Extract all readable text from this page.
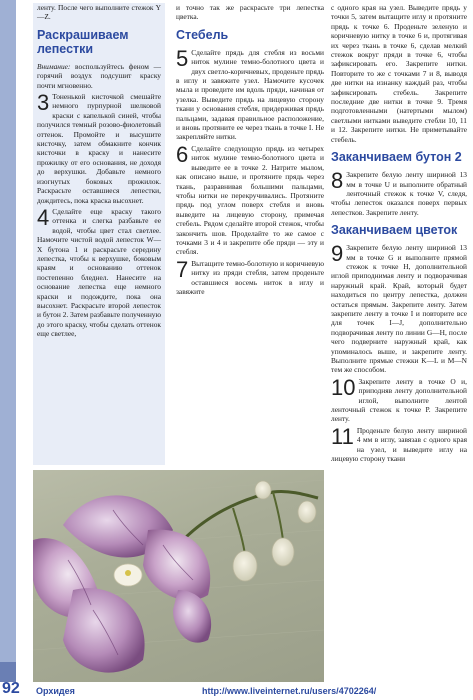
ленту. После чего выполните стежок Y—Z.

Раскрашиваем лепестки

Внимание: воспользуйтесь феном — горячий воздух подсушит краску почти мгновенно.

3 Тоненькой кисточкой смешайте немного пурпурной шелковой краски с капелькой синей, чтобы получился темный розово-фиолетовый оттенок. Промойте и высушите кисточку, затем обмакните кончик кисточки в краску и нанесите прожилку от его основания, не доходя до верхушки. Добавьте немного изогнутых боковых прожилок. Раскрасьте оставшиеся лепестки, дождитесь, пока краска высохнет.

4 Сделайте еще краску такого оттенка и слегка разбавьте ее водой, чтобы цвет стал светлее. Намочите чистой водой лепесток W—X бутона 1 и раскрасьте середину лепестка, чтобы к верхушке, боковым краям и основанию оттенок постепенно бледнел. Нанесите на основание лепестка еще немного краски и подождите, пока она высохнет. Раскрасьте второй лепесток и бутон 2. Затем разбавьте полученную до этого краску, чтобы сделать оттенок еще светлее,

и точно так же раскрасьте три лепестка цветка.

Стебель

5 Сделайте прядь для стебля из восьми ниток мулине темно-болотного цвета и двух светло-коричневых, проденьте прядь в иглу и завяжите узел. Намочите кусочек мыла и проведите им вдоль пряди, начиная от узелка. Выведите прядь на лицевую сторону ткани у основания стебля, придерживая прядь пальцами, задавая правильное расположение, и вновь протяните ее через ткань в точке I. Не закрепляйте нитки.

6 Сделайте следующую прядь из четырех ниток мулине темно-болотного цвета и выведите ее в точке 2. Натрите мылом, как описано выше, и протяните прядь через ткань, разравнивая большими пальцами, чтобы нитки не перекручивались. Протяните прядь под углом поверх стебля и вновь выведите на лицевую сторону, примечая стебель. Рядом сделайте второй стежок, чтобы закончить шов. Проделайте то же самое с точками 3 и 4 и закрепите обе пряди — эту и стебля.

7 Вытащите темно-болотную и коричневую нитку из пряди стебля, затем проденьте оставшиеся восемь ниток в иглу и завяжите

с одного края на узел. Выведите прядь у точки 5, затем вытащите иглу и протяните прядь к точке 6. Проденьте зеленую и коричневую нитку в точке 6 и, протягивая их через ткань в точке 6, сделав мелкий стежок вокруг пряди в точке 6, чтобы зафиксировать его. Закрепите нитки. Повторите то же с точками 7 и 8, выводя две нитки на изнанку каждый раз, чтобы зафиксировать стебель. Закрепите последние две нитки в точке 9. Тремя подготовленными (натертыми мылом) светлыми нитками выведите стебли 10, 11 и 12. Закрепите нитки. Не приметывайте стебель.

Заканчиваем бутон 2

8 Закрепите белую ленту шириной 13 мм в точке U и выполните обратный ленточный стежок к точке V, следя, чтобы лепесток оказался поверх первых лепестков. Закрепите ленту.

Заканчиваем цветок

9 Закрепите белую ленту шириной 13 мм в точке G и выполните прямой стежок к точке H, дополнительной иглой приподнимая ленту и подворачивая наружный край. Край, который будет находиться по центру лепестка, должен остаться прямым. Закрепите ленту. Затем закрепите ленту в точке I и повторите все для точек I—J, дополнительно подворачивая ленту по линии G—H, после чего подверните наружный край, как упоминалось выше, и закрепите ленту. Выполните прямые стежки K—L и M—N тем же способом.

10 Закрепите ленту в точке O и, приподняв ленту дополнительной иглой, выполните лентой ленточный стежок к точке P. Закрепите ленту.

11 Проденьте белую ленту шириной 4 мм в иглу, завязав с одного края на узел, и выведите иглу на лицевую сторону ткани

92	Орхидея	http://www.liveinternet.ru/users/4702264/
